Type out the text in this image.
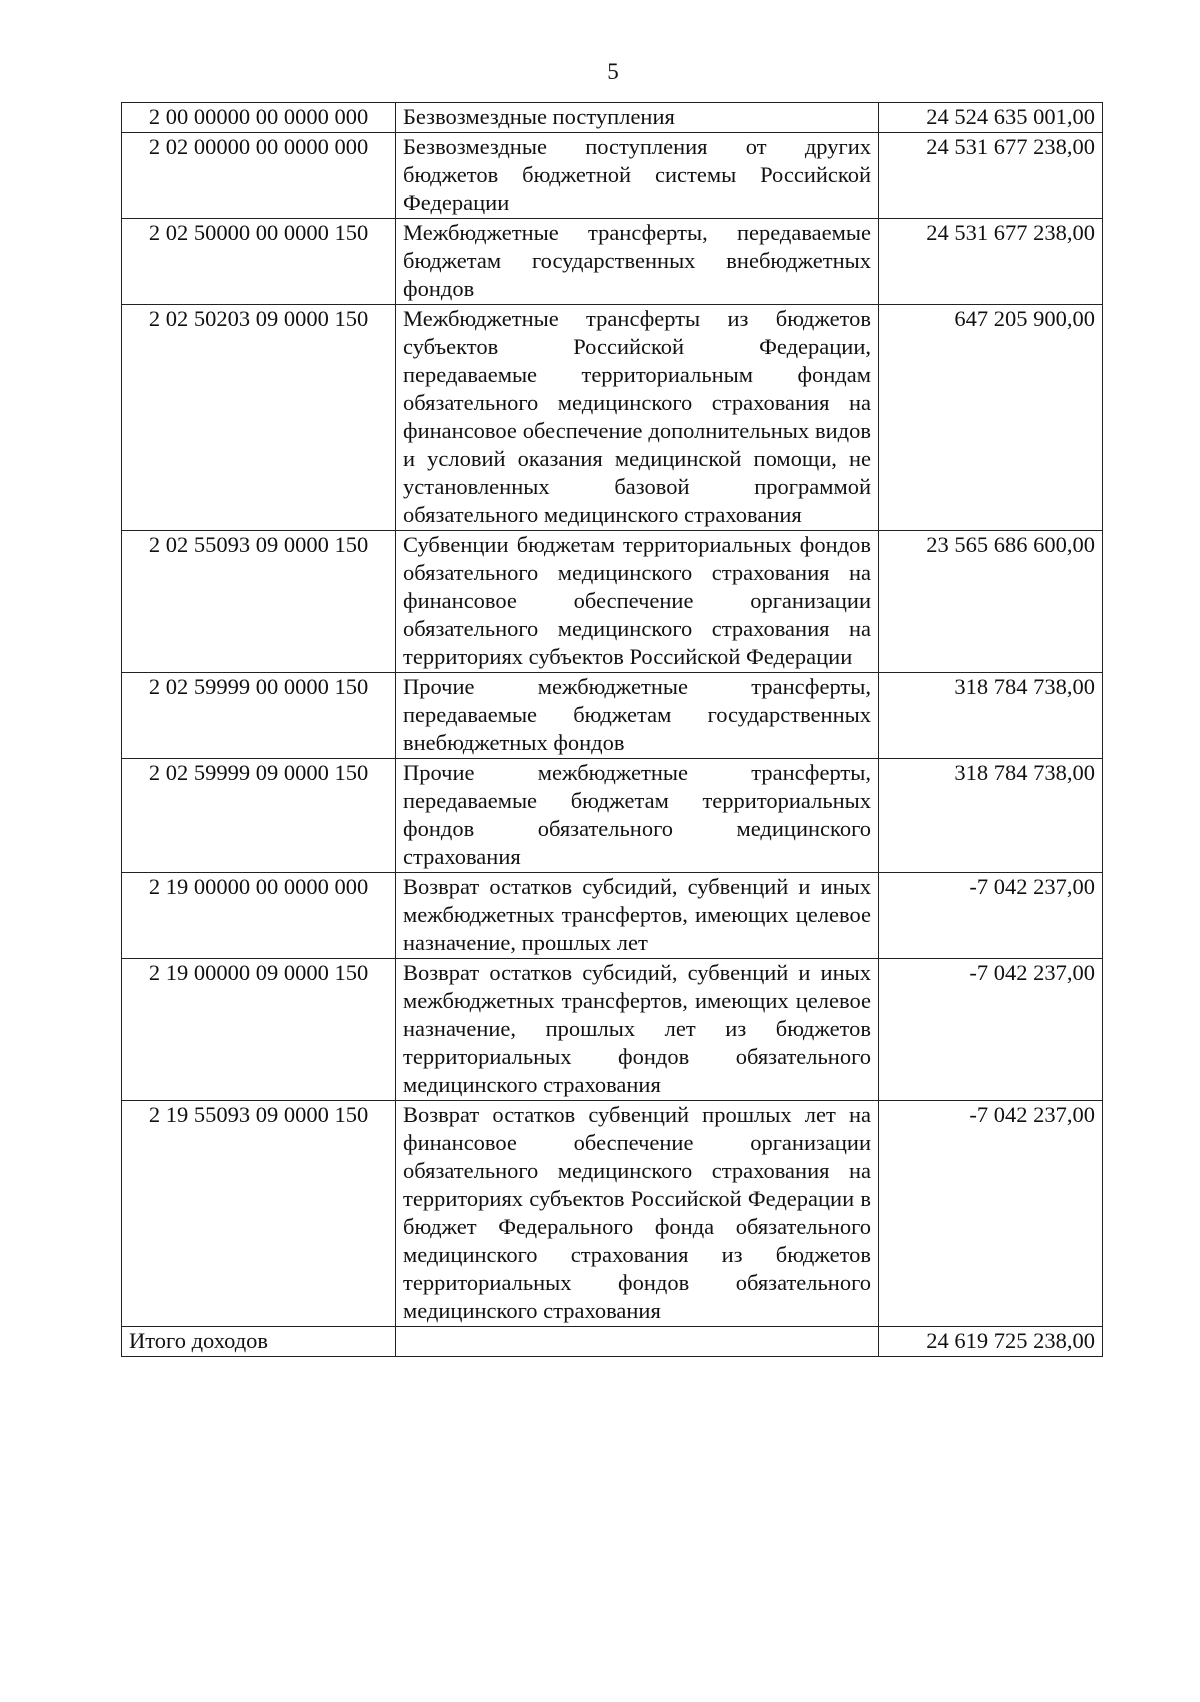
5
2 00 00000 00 0000 000	Безвозмездные поступления	24 524 635 001,00
2 02 00000 00 0000 000	Безвозмездные поступления от других бюджетов бюджетной системы Российской Федерации	24 531 677 238,00
2 02 50000 00 0000 150	Межбюджетные трансферты, передаваемые бюджетам государственных внебюджетных фондов	24 531 677 238,00
2 02 50203 09 0000 150	Межбюджетные трансферты из бюджетов субъектов Российской Федерации, передаваемые территориальным фондам обязательного медицинского страхования на финансовое обеспечение дополнительных видов и условий оказания медицинской помощи, не установленных базовой программой обязательного медицинского страхования	647 205 900,00
2 02 55093 09 0000 150	Субвенции бюджетам территориальных фондов обязательного медицинского страхования на финансовое обеспечение организации обязательного медицинского страхования на территориях субъектов Российской Федерации	23 565 686 600,00
2 02 59999 00 0000 150	Прочие межбюджетные трансферты, передаваемые бюджетам государственных внебюджетных фондов	318 784 738,00
2 02 59999 09 0000 150	Прочие межбюджетные трансферты, передаваемые бюджетам территориальных фондов обязательного медицинского страхования	318 784 738,00
2 19 00000 00 0000 000	Возврат остатков субсидий, субвенций и иных межбюджетных трансфертов, имеющих целевое назначение, прошлых лет	-7 042 237,00
2 19 00000 09 0000 150	Возврат остатков субсидий, субвенций и иных межбюджетных трансфертов, имеющих целевое назначение, прошлых лет из бюджетов территориальных фондов обязательного медицинского страхования	-7 042 237,00
2 19 55093 09 0000 150	Возврат остатков субвенций прошлых лет на финансовое обеспечение организации обязательного медицинского страхования на территориях субъектов Российской Федерации в бюджет Федерального фонда обязательного медицинского страхования из бюджетов территориальных фондов обязательного медицинского страхования	-7 042 237,00
Итого доходов		24 619 725 238,00
